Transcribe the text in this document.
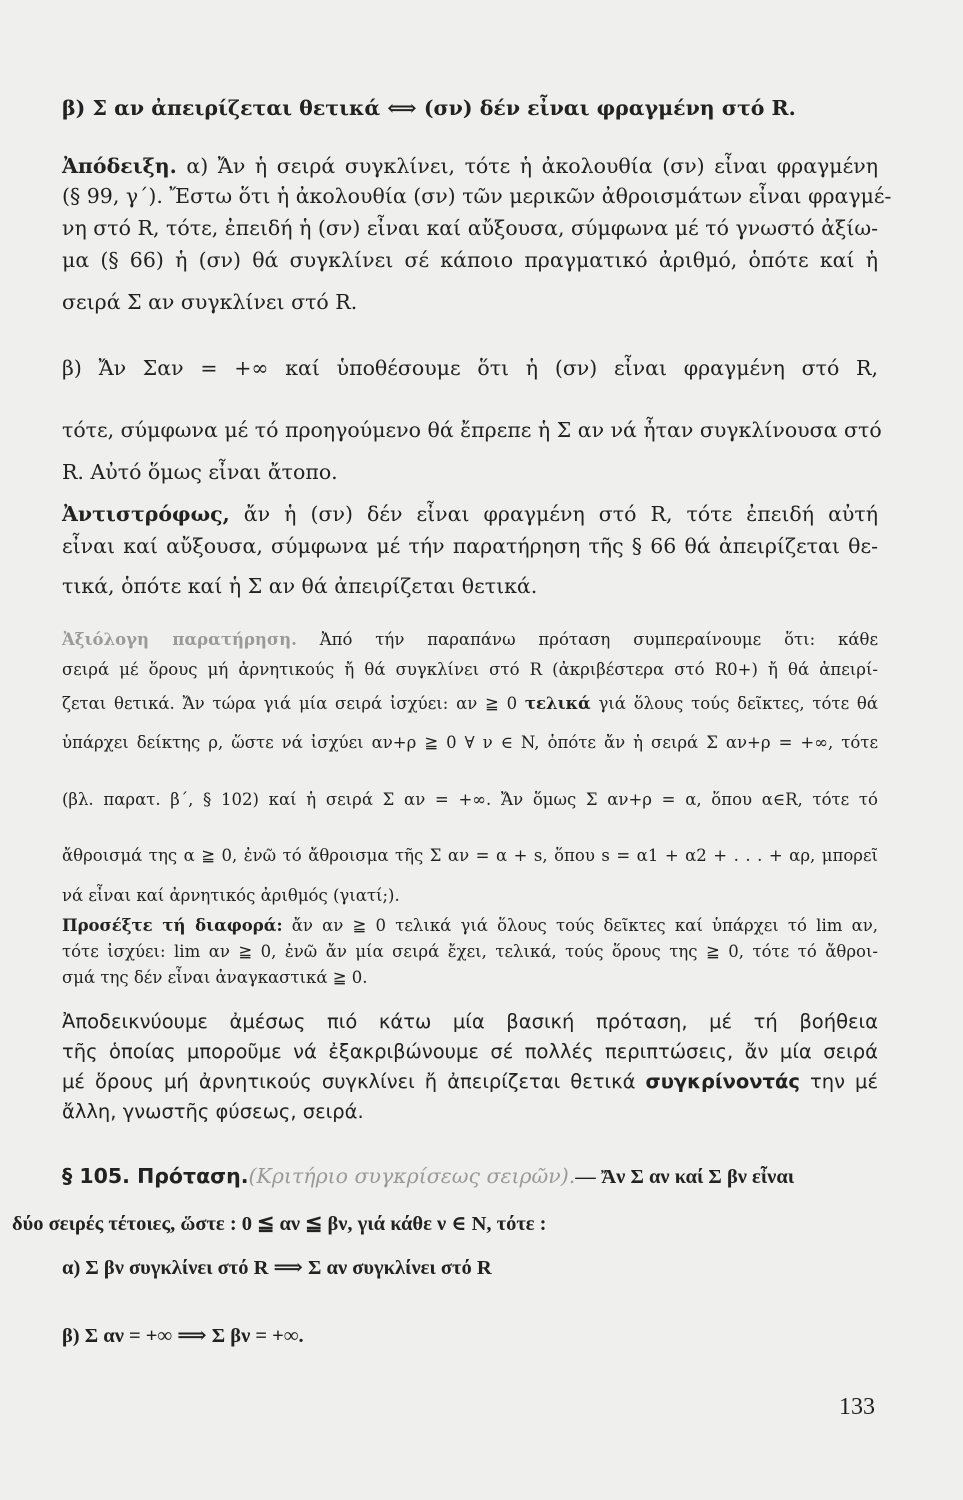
β) Σ αν ἀπειρίζεται θετικά ⟺ (σν) δέν εἶναι φραγμένη στό R.
Ἀπόδειξη. α) Ἄν ἡ σειρά συγκλίνει, τότε ἡ ἀκολουθία (σν) εἶναι φραγμένη
(§ 99, γ΄). Ἔστω ὅτι ἡ ἀκολουθία (σν) τῶν μερικῶν ἀθροισμάτων εἶναι φραγμέ-
νη στό R, τότε, ἐπειδή ἡ (σν) εἶναι καί αὔξουσα, σύμφωνα μέ τό γνωστό ἀξίω-
μα (§ 66) ἡ (σν) θά συγκλίνει σέ κάποιο πραγματικό ἀριθμό, ὁπότε καί ἡ
σειρά Σ αν συγκλίνει στό R.
β) Ἄν Σαν = +∞ καί ὑποθέσουμε ὅτι ἡ (σν) εἶναι φραγμένη στό R,
τότε, σύμφωνα μέ τό προηγούμενο θά ἔπρεπε ἡ Σ αν νά ἦταν συγκλίνουσα στό
R. Αὐτό ὅμως εἶναι ἄτοπο.
Ἀντιστρόφως, ἄν ἡ (σν) δέν εἶναι φραγμένη στό R, τότε ἐπειδή αὐτή
εἶναι καί αὔξουσα, σύμφωνα μέ τήν παρατήρηση τῆς § 66 θά ἀπειρίζεται θε-
τικά, ὁπότε καί ἡ Σ αν θά ἀπειρίζεται θετικά.
Ἀξιόλογη παρατήρηση. Ἀπό τήν παραπάνω πρόταση συμπεραίνουμε ὅτι: κάθε
σειρά μέ ὅρους μή ἀρνητικούς ἤ θά συγκλίνει στό R (ἀκριβέστερα στό R0+) ἤ θά ἀπειρί-
ζεται θετικά. Ἄν τώρα γιά μία σειρά ἰσχύει: αν ≧ 0 τελικά γιά ὅλους τούς δεῖκτες, τότε θά
ὑπάρχει δείκτης ρ, ὥστε νά ἰσχύει αν+ρ ≧ 0 ∀ ν ∈ N, ὁπότε ἄν ἡ σειρά Σ αν+ρ = +∞, τότε
(βλ. παρατ. β΄, § 102) καί ἡ σειρά Σ αν = +∞. Ἄν ὅμως Σ αν+ρ = α, ὅπου α∈R, τότε τό
ἄθροισμά της α ≧ 0, ἐνῶ τό ἄθροισμα τῆς Σ αν = α + s, ὅπου s = α1 + α2 + . . . + αρ, μπορεῖ
νά εἶναι καί ἀρνητικός ἀριθμός (γιατί;).
Προσέξτε τή διαφορά: ἄν αν ≧ 0 τελικά γιά ὅλους τούς δεῖκτες καί ὑπάρχει τό lim αν,
τότε ἰσχύει: lim αν ≧ 0, ἐνῶ ἄν μία σειρά ἔχει, τελικά, τούς ὅρους της ≧ 0, τότε τό ἄθροι-
σμά της δέν εἶναι ἀναγκαστικά ≧ 0.
Ἀποδεικνύουμε ἀμέσως πιό κάτω μία βασική πρόταση, μέ τή βοήθεια
τῆς ὁποίας μποροῦμε νά ἐξακριβώνουμε σέ πολλές περιπτώσεις, ἄν μία σειρά
μέ ὅρους μή ἀρνητικούς συγκλίνει ἤ ἀπειρίζεται θετικά συγκρίνοντάς την μέ
ἄλλη, γνωστῆς φύσεως, σειρά.
§ 105. Πρόταση.(Κριτήριο συγκρίσεως σειρῶν).— Ἄν Σ αν καί Σ βν εἶναι
δύο σειρές τέτοιες, ὥστε : 0 ≦ αν ≦ βν, γιά κάθε ν ∈ N, τότε :
α) Σ βν συγκλίνει στό R ⟹ Σ αν συγκλίνει στό R
β) Σ αν = +∞ ⟹ Σ βν = +∞.
133
